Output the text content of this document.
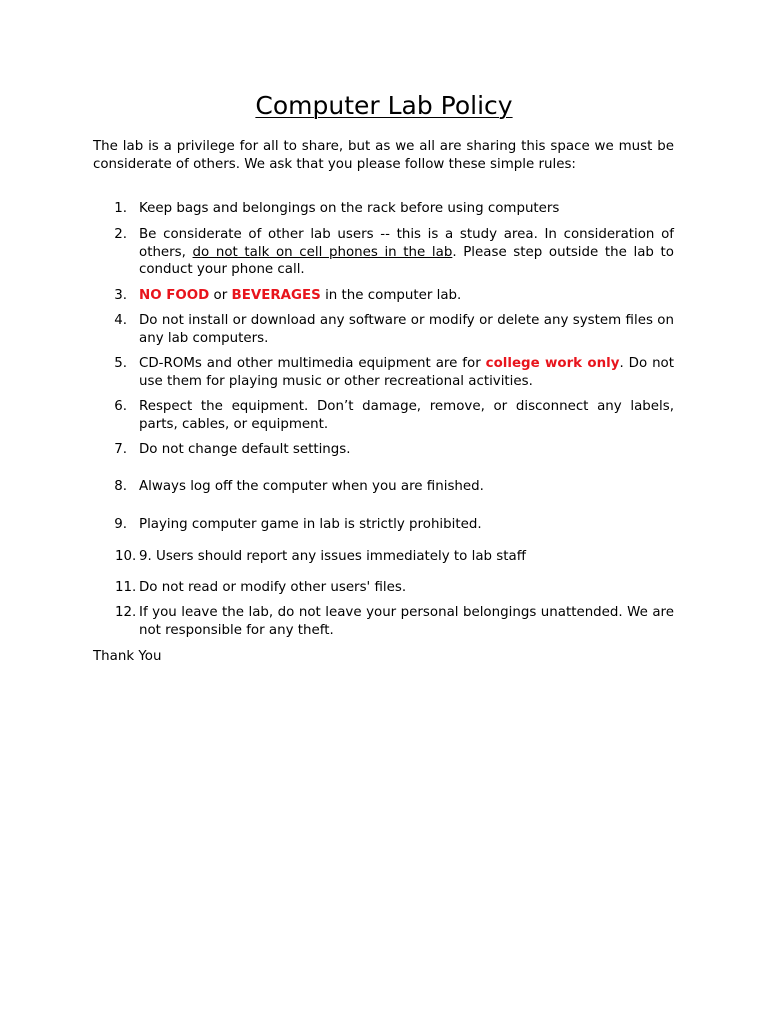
Computer Lab Policy
The lab is a privilege for all to share, but as we all are sharing this space we must be considerate of others. We ask that you please follow these simple rules:
1. Keep bags and belongings on the rack before using computers
2. Be considerate of other lab users -- this is a study area. In consideration of others, do not talk on cell phones in the lab. Please step outside the lab to conduct your phone call.
3. NO FOOD or BEVERAGES in the computer lab.
4. Do not install or download any software or modify or delete any system files on any lab computers.
5. CD-ROMs and other multimedia equipment are for college work only. Do not use them for playing music or other recreational activities.
6. Respect the equipment. Don’t damage, remove, or disconnect any labels, parts, cables, or equipment.
7. Do not change default settings.
8. Always log off the computer when you are finished.
9. Playing computer game in lab is strictly prohibited.
10. 9. Users should report any issues immediately to lab staff
11. Do not read or modify other users' files.
12. If you leave the lab, do not leave your personal belongings unattended. We are not responsible for any theft.
Thank You
